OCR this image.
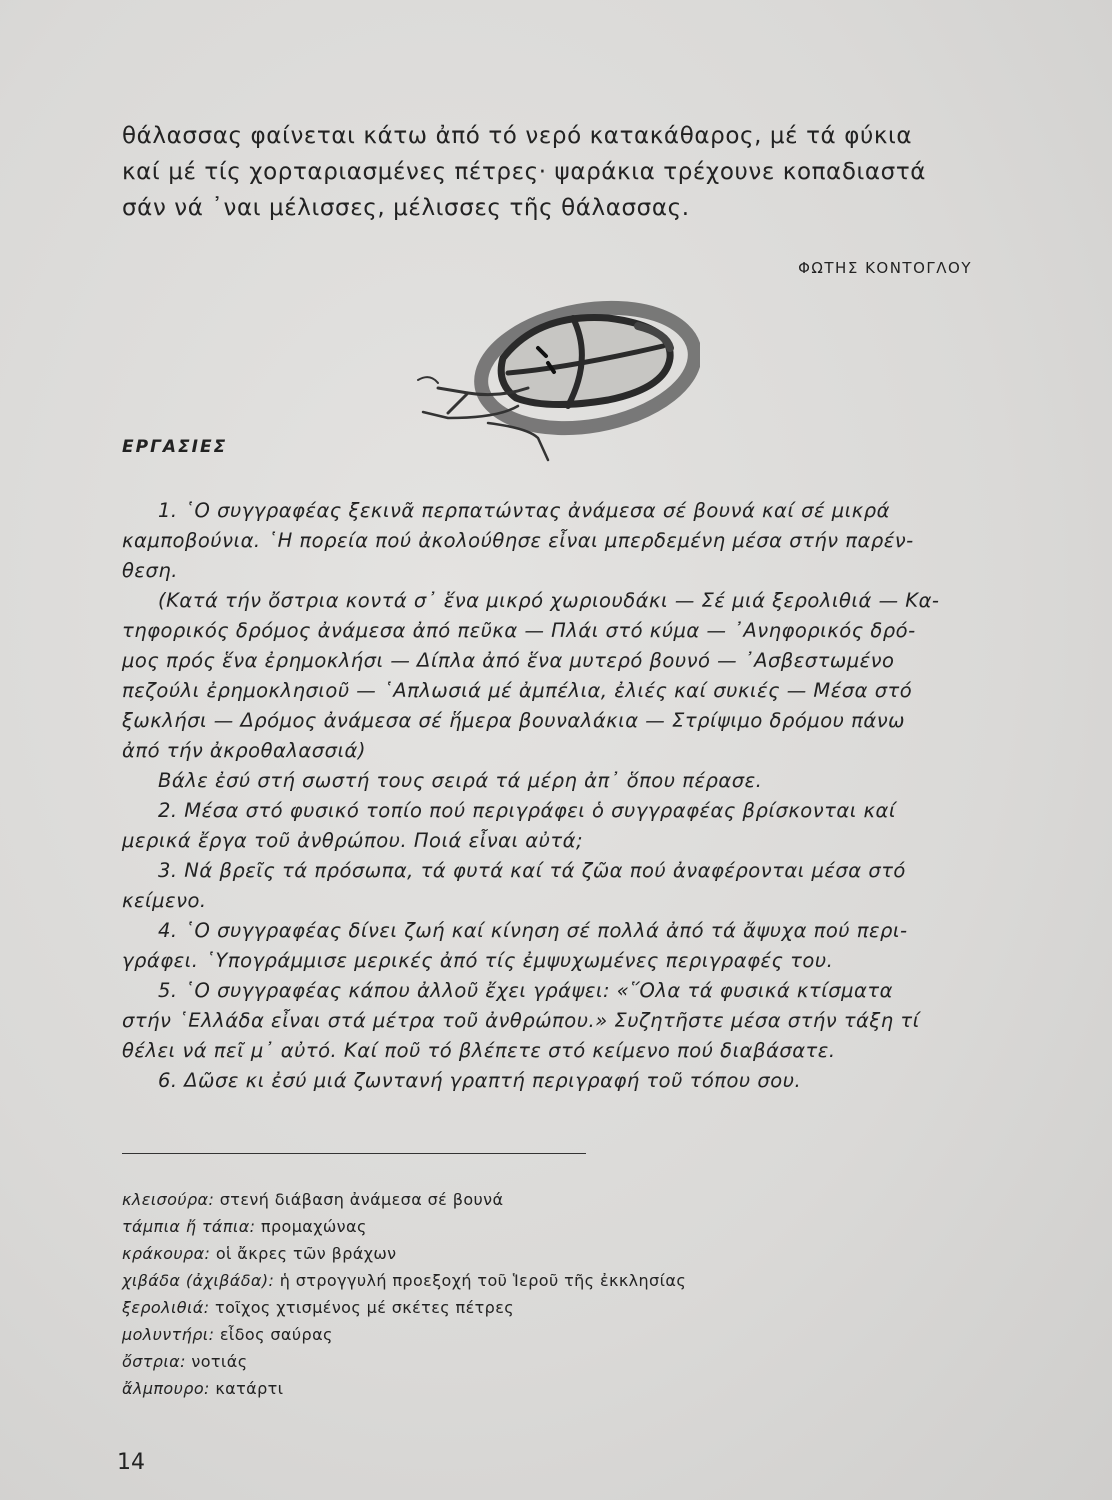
θάλασσας φαίνεται κάτω ἀπό τό νερό κατακάθαρος, μέ τά φύκια

καί μέ τίς χορταριασμένες πέτρες· ψαράκια τρέχουνε κοπαδιαστά

σάν νά ᾿ναι μέλισσες, μέλισσες τῆς θάλασσας.

ΦΩΤΗΣ ΚΟΝΤΟΓΛΟΥ
ΕΡΓΑΣΙΕΣ

1. ῾Ο συγγραφέας ξεκινᾶ περπατώντας ἀνάμεσα σέ βουνά καί σέ μικρά

καμποβούνια. ῾Η πορεία πού ἀκολούθησε εἶναι μπερδεμένη μέσα στήν παρέν-

θεση.

(Κατά τήν ὄστρια κοντά σ᾿ ἕνα μικρό χωριουδάκι — Σέ μιά ξερολιθιά — Κα-

τηφορικός δρόμος ἀνάμεσα ἀπό πεῦκα — Πλάι στό κύμα — ᾿Ανηφορικός δρό-

μος πρός ἕνα ἐρημοκλήσι — Δίπλα ἀπό ἕνα μυτερό βουνό — ᾿Ασβεστωμένο

πεζούλι ἐρημοκλησιοῦ — ῾Απλωσιά μέ ἀμπέλια, ἐλιές καί συκιές — Μέσα στό

ξωκλήσι — Δρόμος ἀνάμεσα σέ ἥμερα βουναλάκια — Στρίψιμο δρόμου πάνω

ἀπό τήν ἀκροθαλασσιά)

Βάλε ἐσύ στή σωστή τους σειρά τά μέρη ἀπ᾿ ὅπου πέρασε.

2. Μέσα στό φυσικό τοπίο πού περιγράφει ὁ συγγραφέας βρίσκονται καί

μερικά ἔργα τοῦ ἀνθρώπου. Ποιά εἶναι αὐτά;

3. Νά βρεῖς τά πρόσωπα, τά φυτά καί τά ζῶα πού ἀναφέρονται μέσα στό

κείμενο.

4. ῾Ο συγγραφέας δίνει ζωή καί κίνηση σέ πολλά ἀπό τά ἄψυχα πού περι-

γράφει. ῾Υπογράμμισε μερικές ἀπό τίς ἐμψυχωμένες περιγραφές του.

5. ῾Ο συγγραφέας κάπου ἀλλοῦ ἔχει γράψει: «῞Ολα τά φυσικά κτίσματα

στήν ῾Ελλάδα εἶναι στά μέτρα τοῦ ἀνθρώπου.» Συζητῆστε μέσα στήν τάξη τί

θέλει νά πεῖ μ᾿ αὐτό. Καί ποῦ τό βλέπετε στό κείμενο πού διαβάσατε.

6. Δῶσε κι ἐσύ μιά ζωντανή γραπτή περιγραφή τοῦ τόπου σου.

κλεισούρα: στενή διάβαση ἀνάμεσα σέ βουνά
τάμπια ἤ τάπια: προμαχώνας
κράκουρα: οἱ ἄκρες τῶν βράχων
χιβάδα (ἀχιβάδα): ἡ στρογγυλή προεξοχή τοῦ Ἱεροῦ τῆς ἐκκλησίας
ξερολιθιά: τοῖχος χτισμένος μέ σκέτες πέτρες
μολυντήρι: εἶδος σαύρας
ὄστρια: νοτιάς
ἄλμπουρο: κατάρτι
14
